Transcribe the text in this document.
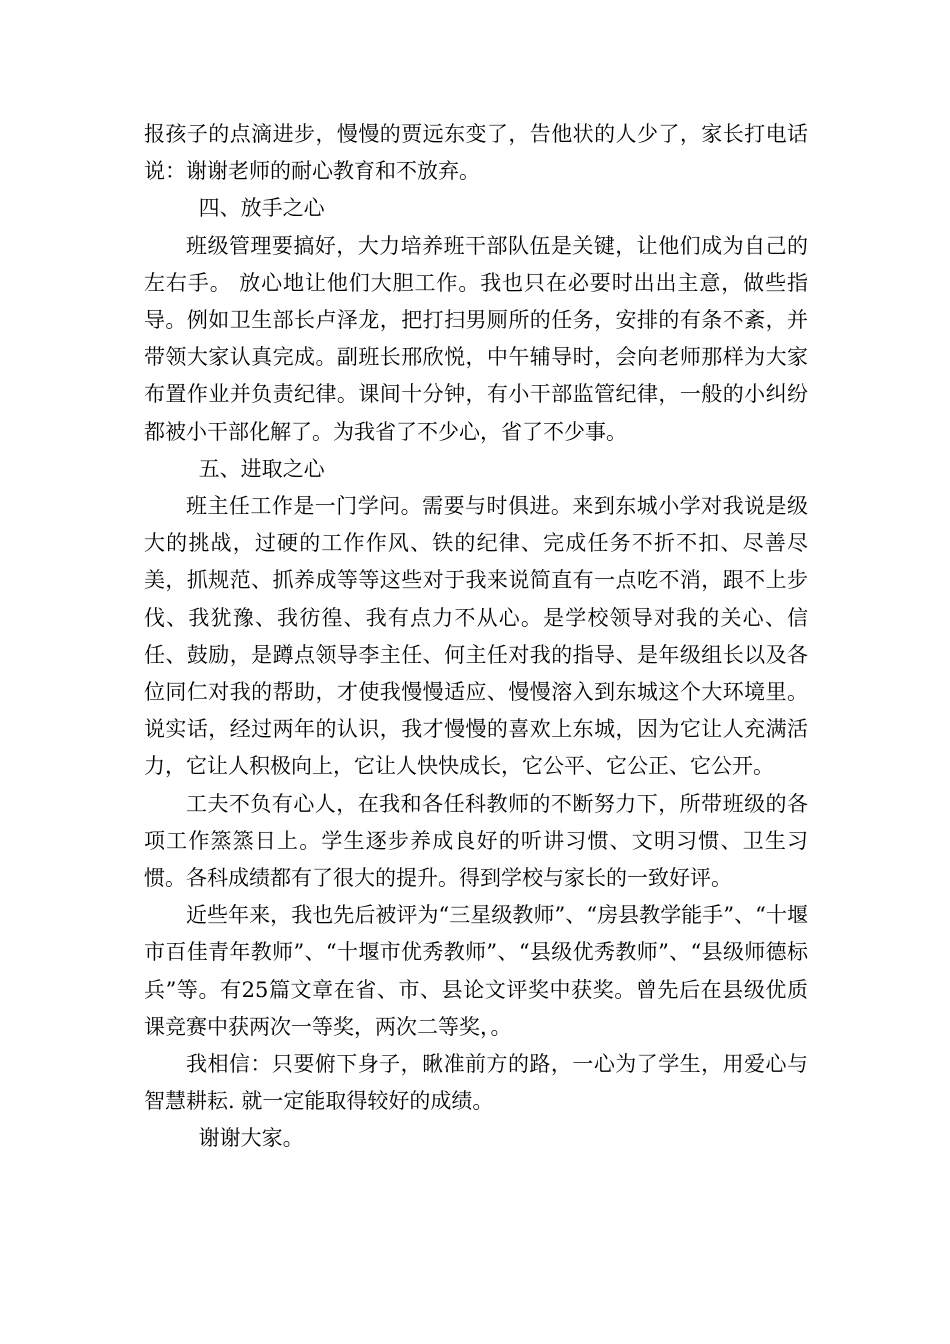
报孩子的点滴进步，慢慢的贾远东变了，告他状的人少了，家长打电话说：谢谢老师的耐心教育和不放弃。

四、放手之心

班级管理要搞好，大力培养班干部队伍是关键，让他们成为自己的左右手。 放心地让他们大胆工作。我也只在必要时出出主意，做些指导。例如卫生部长卢泽龙，把打扫男厕所的任务，安排的有条不紊，并带领大家认真完成。副班长邢欣悦，中午辅导时，会向老师那样为大家布置作业并负责纪律。课间十分钟，有小干部监管纪律，一般的小纠纷都被小干部化解了。为我省了不少心，省了不少事。

五、进取之心

班主任工作是一门学问。需要与时俱进。来到东城小学对我说是级大的挑战，过硬的工作作风、铁的纪律、完成任务不折不扣、尽善尽美，抓规范、抓养成等等这些对于我来说简直有一点吃不消，跟不上步伐、我犹豫、我彷徨、我有点力不从心。是学校领导对我的关心、信任、鼓励，是蹲点领导李主任、何主任对我的指导、是年级组长以及各位同仁对我的帮助，才使我慢慢适应、慢慢溶入到东城这个大环境里。说实话，经过两年的认识，我才慢慢的喜欢上东城，因为它让人充满活力，它让人积极向上，它让人快快成长，它公平、它公正、它公开。

工夫不负有心人，在我和各任科教师的不断努力下，所带班级的各项工作篜篜日上。学生逐步养成良好的听讲习惯、文明习惯、卫生习惯。各科成绩都有了很大的提升。得到学校与家长的一致好评。

近些年来，我也先后被评为“三星级教师”、“房县教学能手”、“十堰市百佳青年教师”、“十堰市优秀教师”、“县级优秀教师”、“县级师德标兵”等。有25篇文章在省、市、县论文评奖中获奖。曾先后在县级优质课竞赛中获两次一等奖，两次二等奖，。

我相信：只要俯下身子，瞅准前方的路，一心为了学生，用爱心与智慧耕耘. 就一定能取得较好的成绩。

谢谢大家。
